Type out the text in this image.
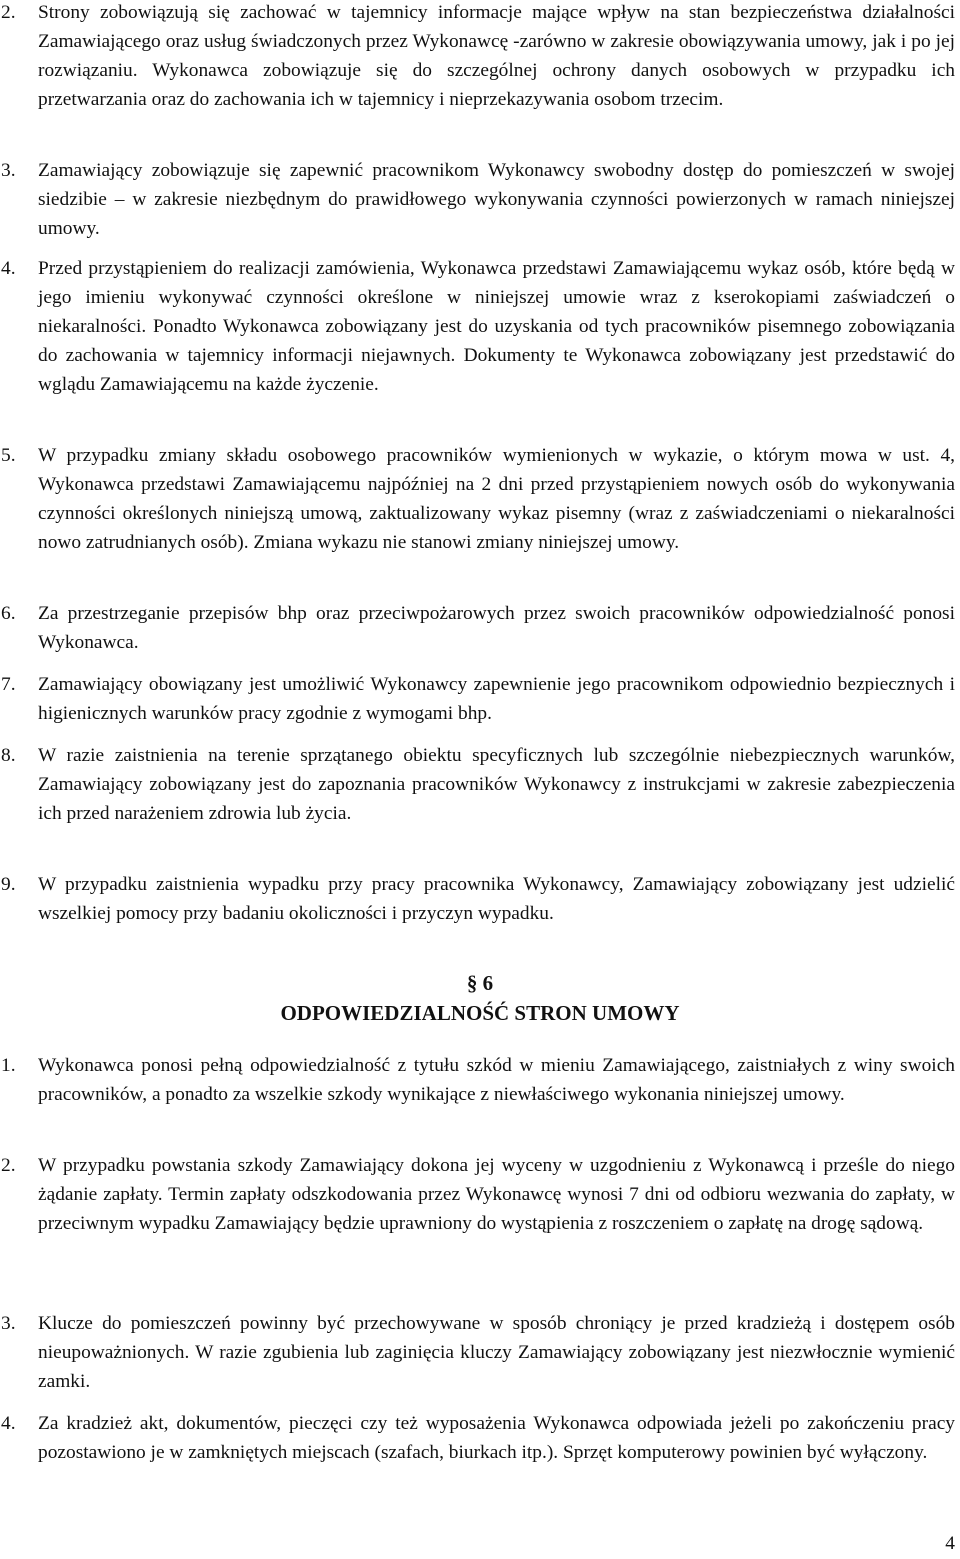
2.	Strony zobowiązują się zachować w tajemnicy informacje mające wpływ na stan bezpieczeństwa działalności Zamawiającego oraz usług świadczonych przez Wykonawcę -zarówno w zakresie obowiązywania umowy, jak i po jej rozwiązaniu. Wykonawca zobowiązuje się do szczególnej ochrony danych osobowych w przypadku ich przetwarzania oraz do zachowania ich w tajemnicy i nieprzekazywania osobom trzecim.
3.	Zamawiający zobowiązuje się zapewnić pracownikom Wykonawcy swobodny dostęp do pomieszczeń w swojej siedzibie – w zakresie niezbędnym do prawidłowego wykonywania czynności powierzonych w ramach niniejszej umowy.
4.	Przed przystąpieniem do realizacji zamówienia, Wykonawca przedstawi Zamawiającemu wykaz osób, które będą w jego imieniu wykonywać czynności określone w niniejszej umowie wraz z kserokopiami zaświadczeń o niekaralności. Ponadto Wykonawca zobowiązany jest do uzyskania od tych pracowników pisemnego zobowiązania do zachowania w tajemnicy informacji niejawnych. Dokumenty te Wykonawca zobowiązany jest przedstawić do wglądu Zamawiającemu na każde życzenie.
5.	W przypadku zmiany składu osobowego pracowników wymienionych w wykazie, o którym mowa w ust. 4, Wykonawca przedstawi Zamawiającemu najpóźniej na 2 dni przed przystąpieniem nowych osób do wykonywania czynności określonych niniejszą umową, zaktualizowany wykaz pisemny (wraz z zaświadczeniami o niekaralności nowo zatrudnianych osób). Zmiana wykazu nie stanowi zmiany niniejszej umowy.
6.	Za przestrzeganie przepisów bhp oraz przeciwpożarowych przez swoich pracowników odpowiedzialność ponosi Wykonawca.
7.	Zamawiający obowiązany jest umożliwić Wykonawcy zapewnienie jego pracownikom odpowiednio bezpiecznych i higienicznych warunków pracy zgodnie z wymogami bhp.
8.	W razie zaistnienia na terenie sprzątanego obiektu specyficznych lub szczególnie niebezpiecznych warunków, Zamawiający zobowiązany jest do zapoznania pracowników Wykonawcy z instrukcjami w zakresie zabezpieczenia ich przed narażeniem zdrowia lub życia.
9.	W przypadku zaistnienia wypadku przy pracy pracownika Wykonawcy, Zamawiający zobowiązany jest udzielić wszelkiej pomocy przy badaniu okoliczności i przyczyn wypadku.
§ 6
ODPOWIEDZIALNOŚĆ STRON UMOWY
1.	Wykonawca ponosi pełną odpowiedzialność z tytułu szkód w mieniu Zamawiającego, zaistniałych z winy swoich pracowników, a ponadto za wszelkie szkody wynikające z niewłaściwego wykonania niniejszej umowy.
2.	W przypadku powstania szkody Zamawiający dokona jej wyceny w uzgodnieniu z Wykonawcą i prześle do niego żądanie zapłaty. Termin zapłaty odszkodowania przez Wykonawcę wynosi 7 dni od odbioru wezwania do zapłaty, w przeciwnym wypadku Zamawiający będzie uprawniony do wystąpienia z roszczeniem o zapłatę na drogę sądową.
3.	Klucze do pomieszczeń powinny być przechowywane w sposób chroniący je przed kradzieżą i dostępem osób nieupoważnionych. W razie zgubienia lub zaginięcia kluczy Zamawiający zobowiązany jest niezwłocznie wymienić zamki.
4.	Za kradzież akt, dokumentów, pieczęci czy też wyposażenia Wykonawca odpowiada jeżeli po zakończeniu pracy pozostawiono je w zamkniętych miejscach (szafach, biurkach itp.). Sprzęt komputerowy powinien być wyłączony.
4
